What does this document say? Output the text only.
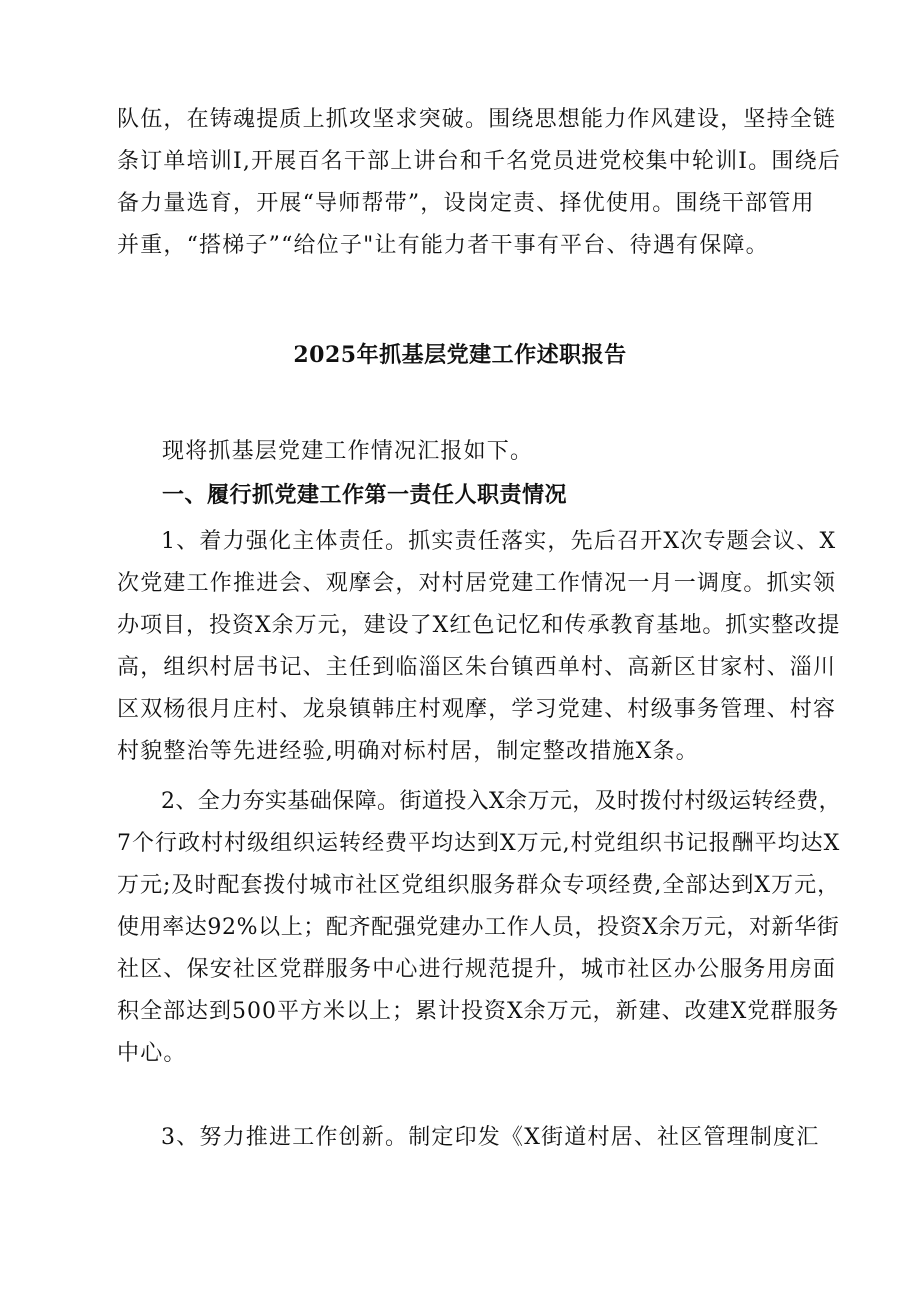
队伍，在铸魂提质上抓攻坚求突破。围绕思想能力作风建设，坚持全链
条订单培训I,开展百名干部上讲台和千名党员进党校集中轮训I。围绕后
备力量选育，开展“导师帮带”，设岗定责、择优使用。围绕干部管用
并重，“搭梯子”“给位子"让有能力者干事有平台、待遇有保障。
2025年抓基层党建工作述职报告

现将抓基层党建工作情况汇报如下。

一、履行抓党建工作第一责任人职责情况
1、着力强化主体责任。抓实责任落实，先后召开X次专题会议、X
次党建工作推进会、观摩会，对村居党建工作情况一月一调度。抓实领
办项目，投资X余万元，建设了X红色记忆和传承教育基地。抓实整改提
高，组织村居书记、主任到临淄区朱台镇西单村、高新区甘家村、淄川
区双杨很月庄村、龙泉镇韩庄村观摩，学习党建、村级事务管理、村容
村貌整治等先进经验,明确对标村居，制定整改措施X条。
2、全力夯实基础保障。街道投入X余万元，及时拨付村级运转经费，
7个行政村村级组织运转经费平均达到X万元,村党组织书记报酬平均达X
万元;及时配套拨付城市社区党组织服务群众专项经费,全部达到X万元，
使用率达92%以上；配齐配强党建办工作人员，投资X余万元，对新华街
社区、保安社区党群服务中心进行规范提升，城市社区办公服务用房面
积全部达到500平方米以上；累计投资X余万元，新建、改建X党群服务
中心。
3、努力推进工作创新。制定印发《X街道村居、社区管理制度汇
